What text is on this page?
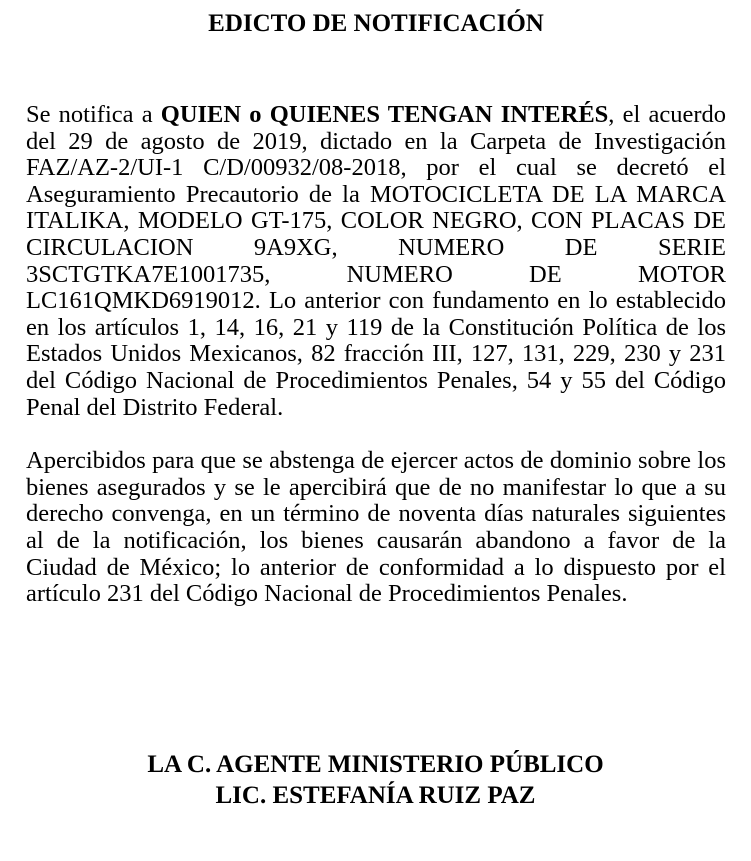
EDICTO DE NOTIFICACIÓN

Se notifica a QUIEN o QUIENES TENGAN INTERÉS, el acuerdo del 29 de agosto de 2019, dictado en la Carpeta de Investigación FAZ/AZ-2/UI-1 C/D/00932/08-2018, por el cual se decretó el Aseguramiento Precautorio de la MOTOCICLETA DE LA MARCA ITALIKA, MODELO GT-175, COLOR NEGRO, CON PLACAS DE CIRCULACION 9A9XG, NUMERO DE SERIE 3SCTGTKA7E1001735, NUMERO DE MOTOR LC161QMKD6919012. Lo anterior con fundamento en lo establecido en los artículos 1, 14, 16, 21 y 119 de la Constitución Política de los Estados Unidos Mexicanos, 82 fracción III, 127, 131, 229, 230 y 231 del Código Nacional de Procedimientos Penales, 54 y 55 del Código Penal del Distrito Federal.

Apercibidos para que se abstenga de ejercer actos de dominio sobre los bienes asegurados y se le apercibirá que de no manifestar lo que a su derecho convenga, en un término de noventa días naturales siguientes al de la notificación, los bienes causarán abandono a favor de la Ciudad de México; lo anterior de conformidad a lo dispuesto por el artículo 231 del Código Nacional de Procedimientos Penales.

LA C. AGENTE MINISTERIO PÚBLICO
LIC. ESTEFANÍA RUIZ PAZ
